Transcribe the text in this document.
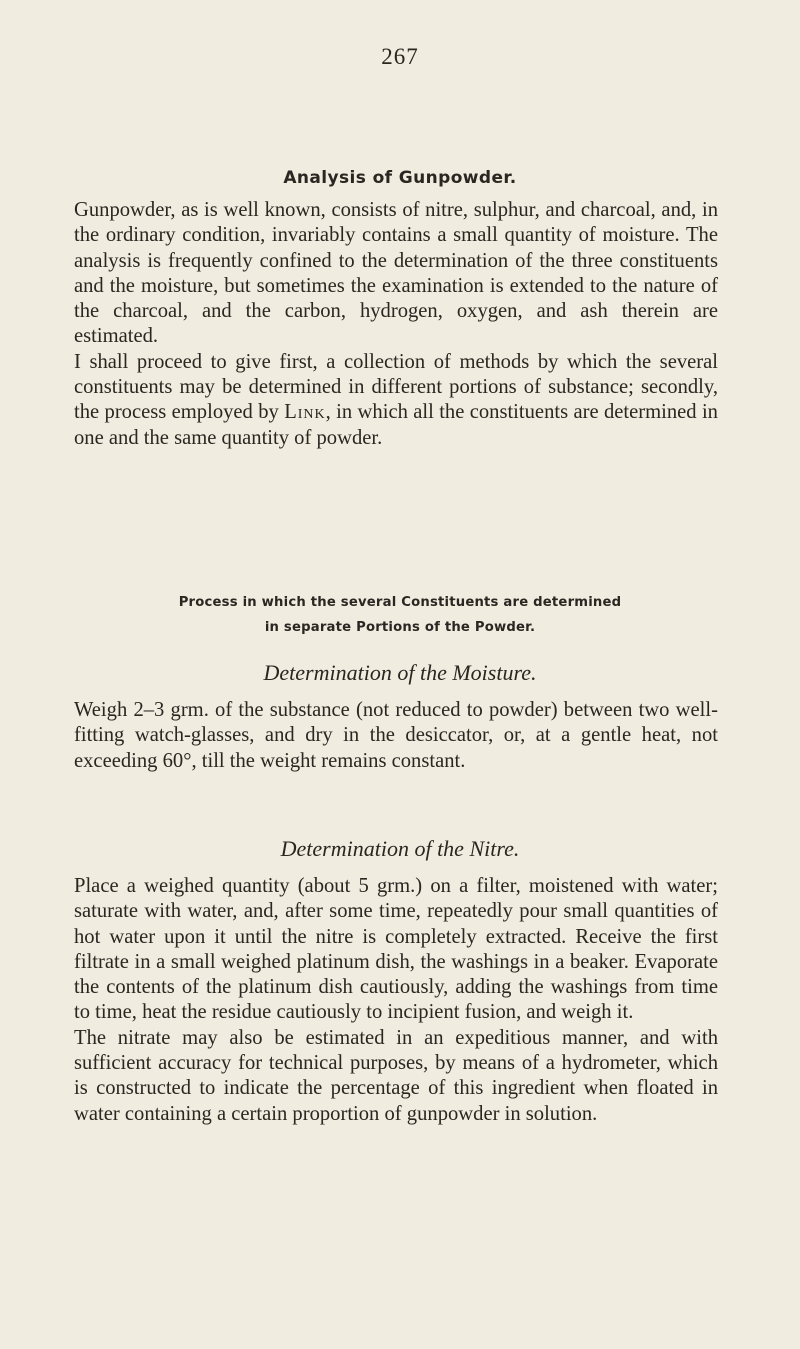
267
Analysis of Gunpowder.

Gunpowder, as is well known, consists of nitre, sulphur, and charcoal, and, in the ordinary condition, invariably contains a small quantity of moisture. The analysis is frequently confined to the determination of the three constituents and the moisture, but sometimes the examination is extended to the nature of the charcoal, and the carbon, hydrogen, oxygen, and ash therein are estimated.

I shall proceed to give first, a collection of methods by which the several constituents may be determined in different portions of substance; secondly, the process employed by Link, in which all the constituents are determined in one and the same quantity of powder.

Process in which the several Constituents are determined
in separate Portions of the Powder.
Determination of the Moisture.

Weigh 2–3 grm. of the substance (not reduced to powder) between two well-fitting watch-glasses, and dry in the desiccator, or, at a gentle heat, not exceeding 60°, till the weight remains constant.

Determination of the Nitre.

Place a weighed quantity (about 5 grm.) on a filter, moistened with water; saturate with water, and, after some time, repeatedly pour small quantities of hot water upon it until the nitre is completely extracted. Receive the first filtrate in a small weighed platinum dish, the washings in a beaker. Evaporate the contents of the platinum dish cautiously, adding the washings from time to time, heat the residue cautiously to incipient fusion, and weigh it.

The nitrate may also be estimated in an expeditious manner, and with sufficient accuracy for technical purposes, by means of a hydrometer, which is constructed to indicate the percentage of this ingredient when floated in water containing a certain proportion of gunpowder in solution.
